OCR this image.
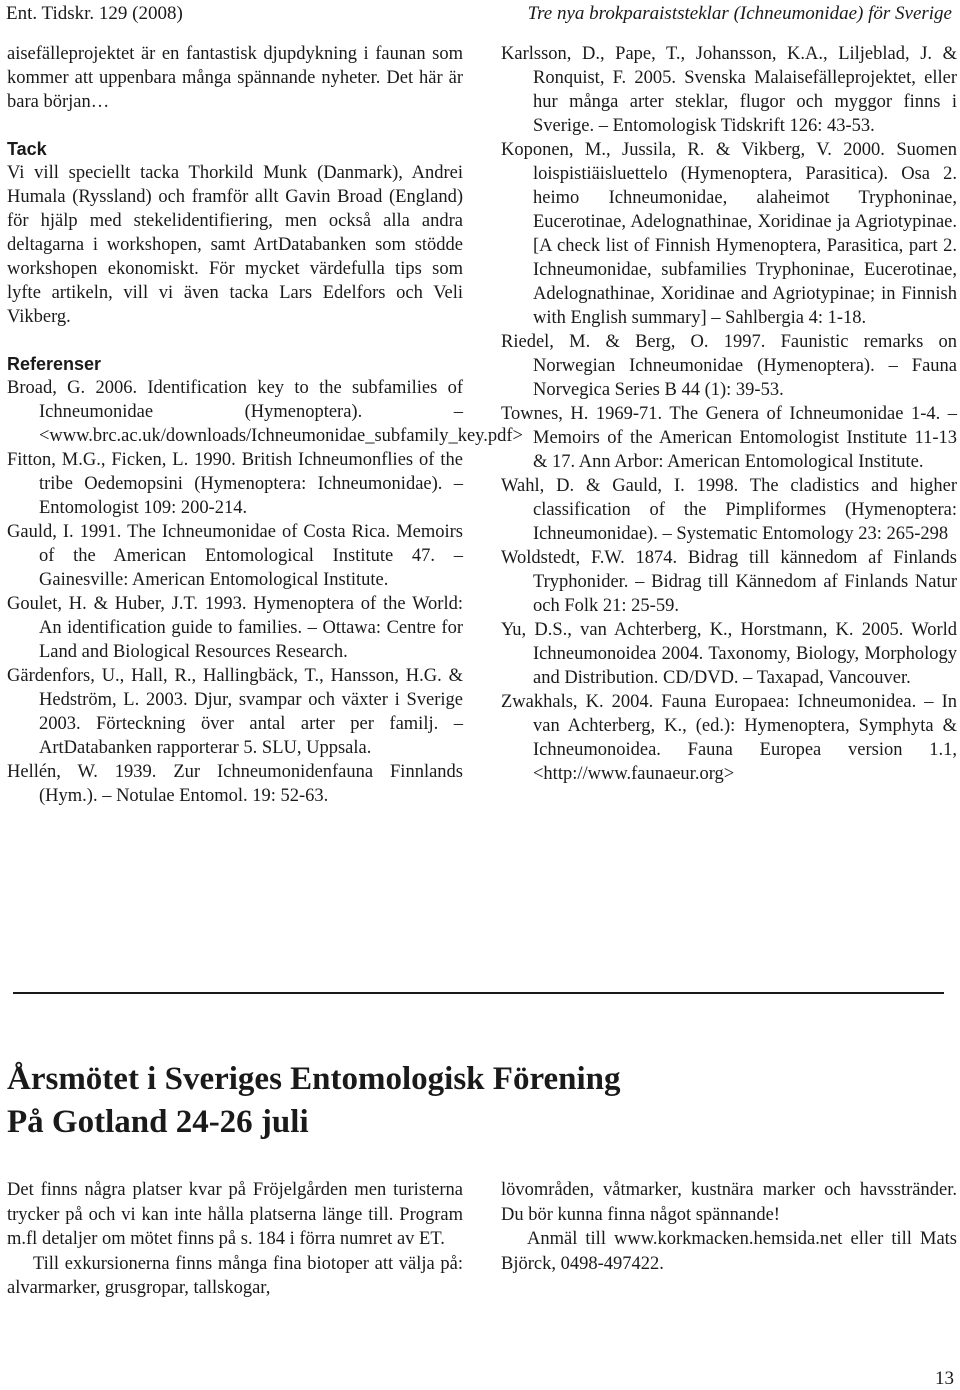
Ent. Tidskr. 129 (2008)	Tre nya brokparaiststeklar (Ichneumonidae) för Sverige

aisefälleprojektet är en fantastisk djupdykning i faunan som kommer att uppenbara många spännande nyheter. Det här är bara början…

Tack

Vi vill speciellt tacka Thorkild Munk (Danmark), Andrei Humala (Ryssland) och framför allt Gavin Broad (England) för hjälp med stekelidentifiering, men också alla andra deltagarna i workshopen, samt ArtDatabanken som stödde workshopen ekonomiskt. För mycket värdefulla tips som lyfte artikeln, vill vi även tacka Lars Edelfors och Veli Vikberg.

Referenser

Broad, G. 2006. Identification key to the subfamilies of Ichneumonidae (Hymenoptera). – <www.brc.ac.uk/downloads/Ichneumonidae_subfamily_key.pdf>

Fitton, M.G., Ficken, L. 1990. British Ichneumonflies of the tribe Oedemopsini (Hymenoptera: Ichneumonidae). – Entomologist 109: 200-214.

Gauld, I. 1991. The Ichneumonidae of Costa Rica. Memoirs of the American Entomological Institute 47. – Gainesville: American Entomological Institute.

Goulet, H. & Huber, J.T. 1993. Hymenoptera of the World: An identification guide to families. – Ottawa: Centre for Land and Biological Resources Research.

Gärdenfors, U., Hall, R., Hallingbäck, T., Hansson, H.G. & Hedström, L. 2003. Djur, svampar och växter i Sverige 2003. Förteckning över antal arter per familj. – ArtDatabanken rapporterar 5. SLU, Uppsala.

Hellén, W. 1939. Zur Ichneumonidenfauna Finnlands (Hym.). – Notulae Entomol. 19: 52-63.

Karlsson, D., Pape, T., Johansson, K.A., Liljeblad, J. & Ronquist, F. 2005. Svenska Malaisefälleprojektet, eller hur många arter steklar, flugor och myggor finns i Sverige. – Entomologisk Tidskrift 126: 43-53.

Koponen, M., Jussila, R. & Vikberg, V. 2000. Suomen loispistiäisluettelo (Hymenoptera, Parasitica). Osa 2. heimo Ichneumonidae, alaheimot Tryphoninae, Eucerotinae, Adelognathinae, Xoridinae ja Agriotypinae. [A check list of Finnish Hymenoptera, Parasitica, part 2. Ichneumonidae, subfamilies Tryphoninae, Eucerotinae, Adelognathinae, Xoridinae and Agriotypinae; in Finnish with English summary] – Sahlbergia 4: 1-18.

Riedel, M. & Berg, O. 1997. Faunistic remarks on Norwegian Ichneumonidae (Hymenoptera). – Fauna Norvegica Series B 44 (1): 39-53.

Townes, H. 1969-71. The Genera of Ichneumonidae 1-4. – Memoirs of the American Entomologist Institute 11-13 & 17. Ann Arbor: American Entomological Institute.

Wahl, D. & Gauld, I. 1998. The cladistics and higher classification of the Pimpliformes (Hymenoptera: Ichneumonidae). – Systematic Entomology 23: 265-298

Woldstedt, F.W. 1874. Bidrag till kännedom af Finlands Tryphonider. – Bidrag till Kännedom af Finlands Natur och Folk 21: 25-59.

Yu, D.S., van Achterberg, K., Horstmann, K. 2005. World Ichneumonoidea 2004. Taxonomy, Biology, Morphology and Distribution. CD/DVD. – Taxapad, Vancouver.

Zwakhals, K. 2004. Fauna Europaea: Ichneumonidea. – In van Achterberg, K., (ed.): Hymenoptera, Symphyta & Ichneumonoidea. Fauna Europea version 1.1, <http://www.faunaeur.org>

Årsmötet i Sveriges Entomologisk Förening
På Gotland 24-26 juli

Det finns några platser kvar på Fröjelgården men turisterna trycker på och vi kan inte hålla platserna länge till. Program m.fl detaljer om mötet finns på s. 184 i förra numret av ET.

Till exkursionerna finns många fina biotoper att välja på: alvarmarker, grusgropar, tallskogar,

lövområden, våtmarker, kustnära marker och havsstränder. Du bör kunna finna något spännande!

Anmäl till www.korkmacken.hemsida.net eller till Mats Björck, 0498-497422.

13
